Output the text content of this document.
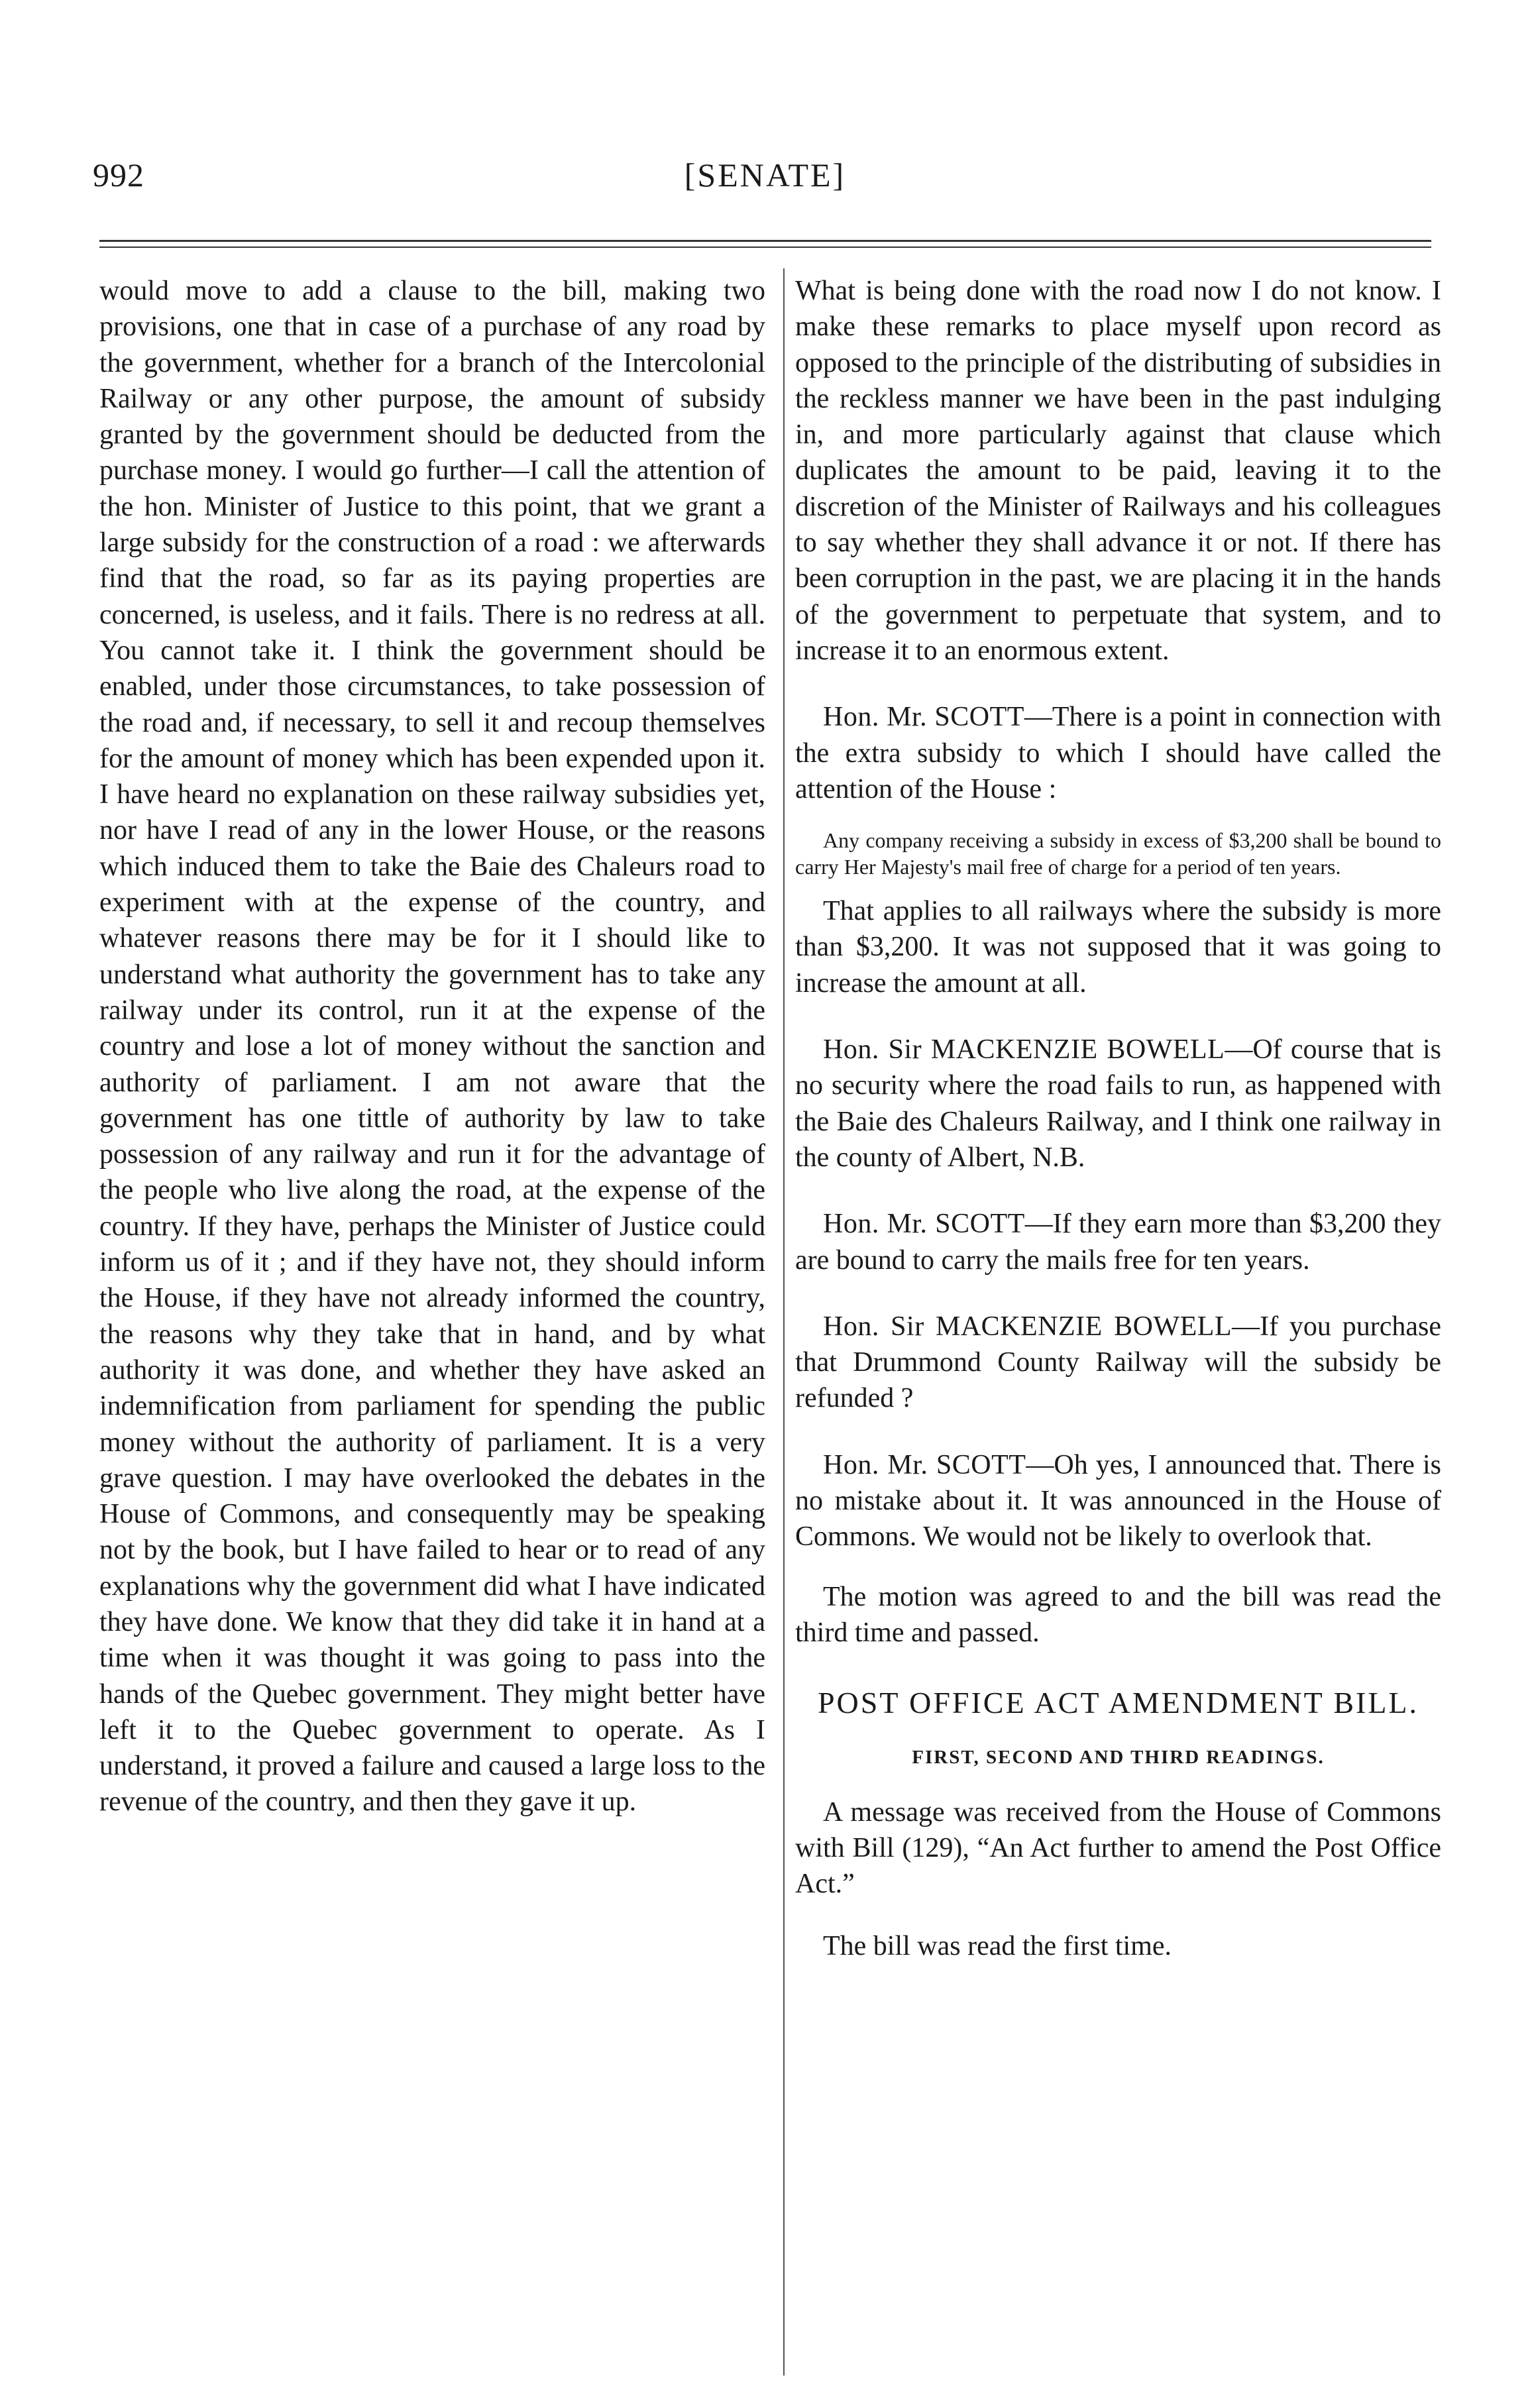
992	[SENATE]

would move to add a clause to the bill, making two provisions, one that in case of a purchase of any road by the government, whether for a branch of the Intercolonial Railway or any other purpose, the amount of subsidy granted by the government should be deducted from the purchase money. I would go further—I call the attention of the hon. Minister of Justice to this point, that we grant a large subsidy for the construction of a road : we afterwards find that the road, so far as its paying properties are concerned, is useless, and it fails. There is no redress at all. You cannot take it. I think the government should be enabled, under those circumstances, to take possession of the road and, if necessary, to sell it and recoup themselves for the amount of money which has been expended upon it. I have heard no explanation on these railway subsidies yet, nor have I read of any in the lower House, or the reasons which induced them to take the Baie des Chaleurs road to experiment with at the expense of the country, and whatever reasons there may be for it I should like to understand what authority the government has to take any railway under its control, run it at the expense of the country and lose a lot of money without the sanction and authority of parliament. I am not aware that the government has one tittle of authority by law to take possession of any railway and run it for the advantage of the people who live along the road, at the expense of the country. If they have, perhaps the Minister of Justice could inform us of it ; and if they have not, they should inform the House, if they have not already informed the country, the reasons why they take that in hand, and by what authority it was done, and whether they have asked an indemnification from parliament for spending the public money without the authority of parliament. It is a very grave question. I may have overlooked the debates in the House of Commons, and consequently may be speaking not by the book, but I have failed to hear or to read of any explanations why the government did what I have indicated they have done. We know that they did take it in hand at a time when it was thought it was going to pass into the hands of the Quebec government. They might better have left it to the Quebec government to operate. As I understand, it proved a failure and caused a large loss to the revenue of the country, and then they gave it up.

What is being done with the road now I do not know. I make these remarks to place myself upon record as opposed to the principle of the distributing of subsidies in the reckless manner we have been in the past indulging in, and more particularly against that clause which duplicates the amount to be paid, leaving it to the discretion of the Minister of Railways and his colleagues to say whether they shall advance it or not. If there has been corruption in the past, we are placing it in the hands of the government to perpetuate that system, and to increase it to an enormous extent.

Hon. Mr. SCOTT—There is a point in connection with the extra subsidy to which I should have called the attention of the House :

Any company receiving a subsidy in excess of $3,200 shall be bound to carry Her Majesty's mail free of charge for a period of ten years.

That applies to all railways where the subsidy is more than $3,200. It was not supposed that it was going to increase the amount at all.

Hon. Sir MACKENZIE BOWELL—Of course that is no security where the road fails to run, as happened with the Baie des Chaleurs Railway, and I think one railway in the county of Albert, N.B.

Hon. Mr. SCOTT—If they earn more than $3,200 they are bound to carry the mails free for ten years.

Hon. Sir MACKENZIE BOWELL—If you purchase that Drummond County Railway will the subsidy be refunded ?

Hon. Mr. SCOTT—Oh yes, I announced that. There is no mistake about it. It was announced in the House of Commons. We would not be likely to overlook that.

The motion was agreed to and the bill was read the third time and passed.

POST OFFICE ACT AMENDMENT BILL.

FIRST, SECOND AND THIRD READINGS.

A message was received from the House of Commons with Bill (129), “An Act further to amend the Post Office Act.”

The bill was read the first time.
